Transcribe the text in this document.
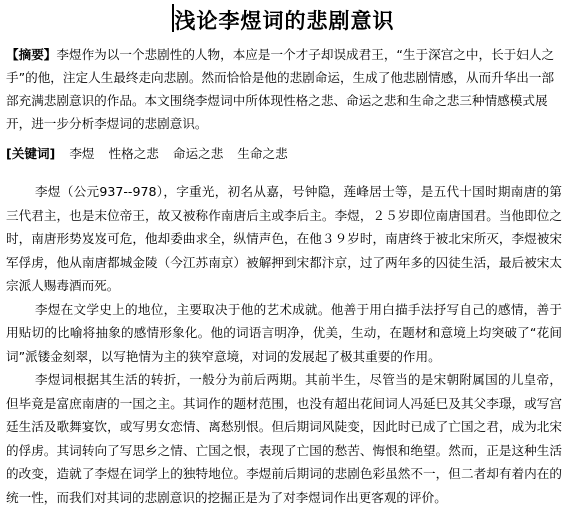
浅论李煜词的悲剧意识
【摘要】李煜作为以一个悲剧性的人物，本应是一个才子却误成君王，“生于深宫之中，长于妇人之手”的他，注定人生最终走向悲剧。然而恰恰是他的悲剧命运，生成了他悲剧情感，从而升华出一部部充满悲剧意识的作品。本文围绕李煜词中所体现性格之悲、命运之悲和生命之悲三种情感模式展开，进一步分析李煜词的悲剧意识。
[关键词] 李煜 性格之悲 命运之悲 生命之悲

李煜（公元937--978），字重光，初名从嘉，号钟隐，莲峰居士等，是五代十国时期南唐的第三代君主，也是末位帝王，故又被称作南唐后主或李后主。李煜，２５岁即位南唐国君。当他即位之时，南唐形势岌岌可危，他却委曲求全，纵情声色，在他３９岁时，南唐终于被北宋所灭，李煜被宋军俘虏，他从南唐都城金陵（今江苏南京）被解押到宋都汴京，过了两年多的囚徒生活，最后被宋太宗派人赐毒酒而死。

李煜在文学史上的地位，主要取决于他的艺术成就。他善于用白描手法抒写自己的感情，善于用贴切的比喻将抽象的感情形象化。他的词语言明净，优美，生动，在题材和意境上均突破了“花间词”派镂金刻翠，以写艳情为主的狭窄意境，对词的发展起了极其重要的作用。

李煜词根据其生活的转折，一般分为前后两期。其前半生，尽管当的是宋朝附属国的儿皇帝，但毕竟是富庶南唐的一国之主。其词作的题材范围，也没有超出花间词人冯延巳及其父李璟，或写宫廷生活及歌舞宴饮，或写男女恋情、离愁别恨。但后期词风陡变，因此时已成了亡国之君，成为北宋的俘虏。其词转向了写思乡之情、亡国之恨，表现了亡国的愁苦、悔恨和绝望。然而，正是这种生活的改变，造就了李煜在词学上的独特地位。李煜前后期词的悲剧色彩虽然不一，但二者却有着内在的统一性，而我们对其词的悲剧意识的挖掘正是为了对李煜词作出更客观的评价。
